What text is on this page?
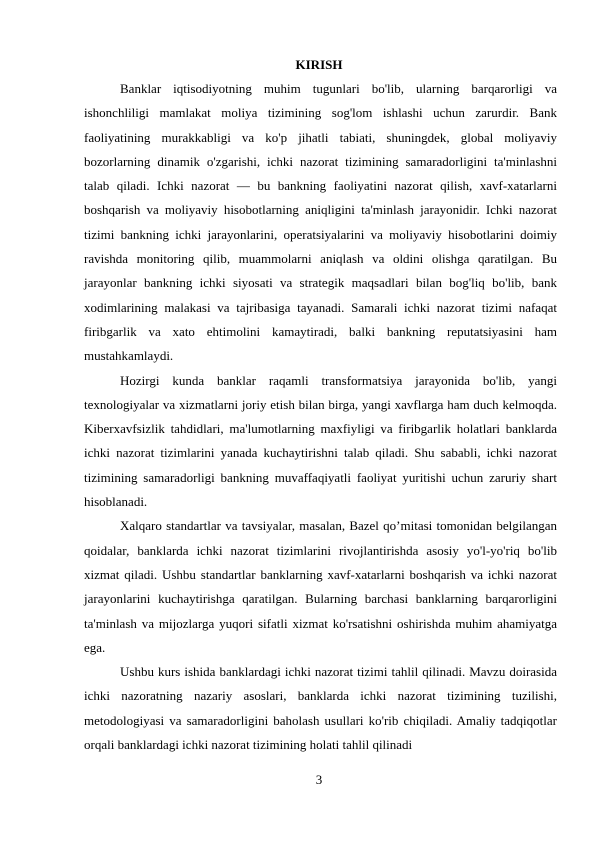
KIRISH

Banklar iqtisodiyotning muhim tugunlari bo'lib, ularning barqarorligi va ishonchliligi mamlakat moliya tizimining sog'lom ishlashi uchun zarurdir. Bank faoliyatining murakkabligi va ko'p jihatli tabiati, shuningdek, global moliyaviy bozorlarning dinamik o'zgarishi, ichki nazorat tizimining samaradorligini ta'minlashni talab qiladi. Ichki nazorat — bu bankning faoliyatini nazorat qilish, xavf-xatarlarni boshqarish va moliyaviy hisobotlarning aniqligini ta'minlash jarayonidir. Ichki nazorat tizimi bankning ichki jarayonlarini, operatsiyalarini va moliyaviy hisobotlarini doimiy ravishda monitoring qilib, muammolarni aniqlash va oldini olishga qaratilgan. Bu jarayonlar bankning ichki siyosati va strategik maqsadlari bilan bog'liq bo'lib, bank xodimlarining malakasi va tajribasiga tayanadi. Samarali ichki nazorat tizimi nafaqat firibgarlik va xato ehtimolini kamaytiradi, balki bankning reputatsiyasini ham mustahkamlaydi.

Hozirgi kunda banklar raqamli transformatsiya jarayonida bo'lib, yangi texnologiyalar va xizmatlarni joriy etish bilan birga, yangi xavflarga ham duch kelmoqda. Kiberxavfsizlik tahdidlari, ma'lumotlarning maxfiyligi va firibgarlik holatlari banklarda ichki nazorat tizimlarini yanada kuchaytirishni talab qiladi. Shu sababli, ichki nazorat tizimining samaradorligi bankning muvaffaqiyatli faoliyat yuritishi uchun zaruriy shart hisoblanadi.

Xalqaro standartlar va tavsiyalar, masalan, Bazel qo’mitasi tomonidan belgilangan qoidalar, banklarda ichki nazorat tizimlarini rivojlantirishda asosiy yo'l-yo'riq bo'lib xizmat qiladi. Ushbu standartlar banklarning xavf-xatarlarni boshqarish va ichki nazorat jarayonlarini kuchaytirishga qaratilgan. Bularning barchasi banklarning barqarorligini ta'minlash va mijozlarga yuqori sifatli xizmat ko'rsatishni oshirishda muhim ahamiyatga ega.

Ushbu kurs ishida banklardagi ichki nazorat tizimi tahlil qilinadi. Mavzu doirasida ichki nazoratning nazariy asoslari, banklarda ichki nazorat tizimining tuzilishi, metodologiyasi va samaradorligini baholash usullari ko'rib chiqiladi. Amaliy tadqiqotlar orqali banklardagi ichki nazorat tizimining holati tahlil qilinadi

3
